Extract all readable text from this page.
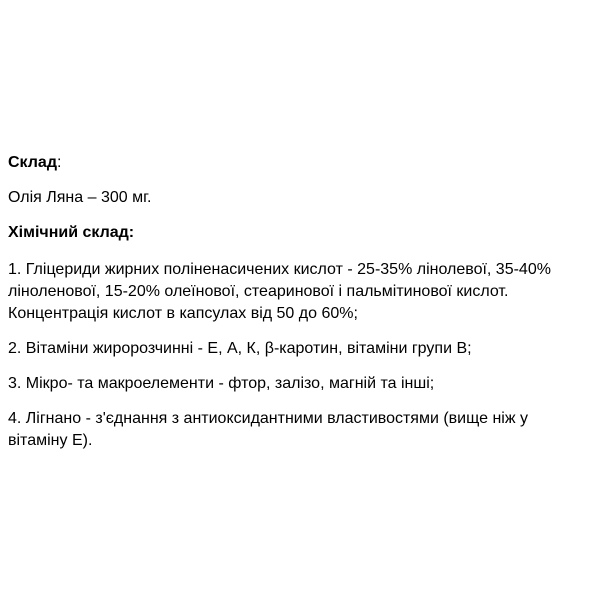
Склад:

Олія Ляна – 300 мг.

Хімічний склад:

1. Гліцериди жирних поліненасичених кислот - 25-35% лінолевої, 35-40%

ліноленової, 15-20% олеїнової, стеаринової і пальмітинової кислот.

Концентрація кислот в капсулах від 50 до 60%;

2. Вітаміни жиророзчинні - Е, А, К, β-каротин, вітаміни групи В;

3. Мікро- та макроелементи - фтор, залізо, магній та інші;

4. Лігнано - з'єднання з антиоксидантними властивостями (вище ніж у

вітаміну Е).
